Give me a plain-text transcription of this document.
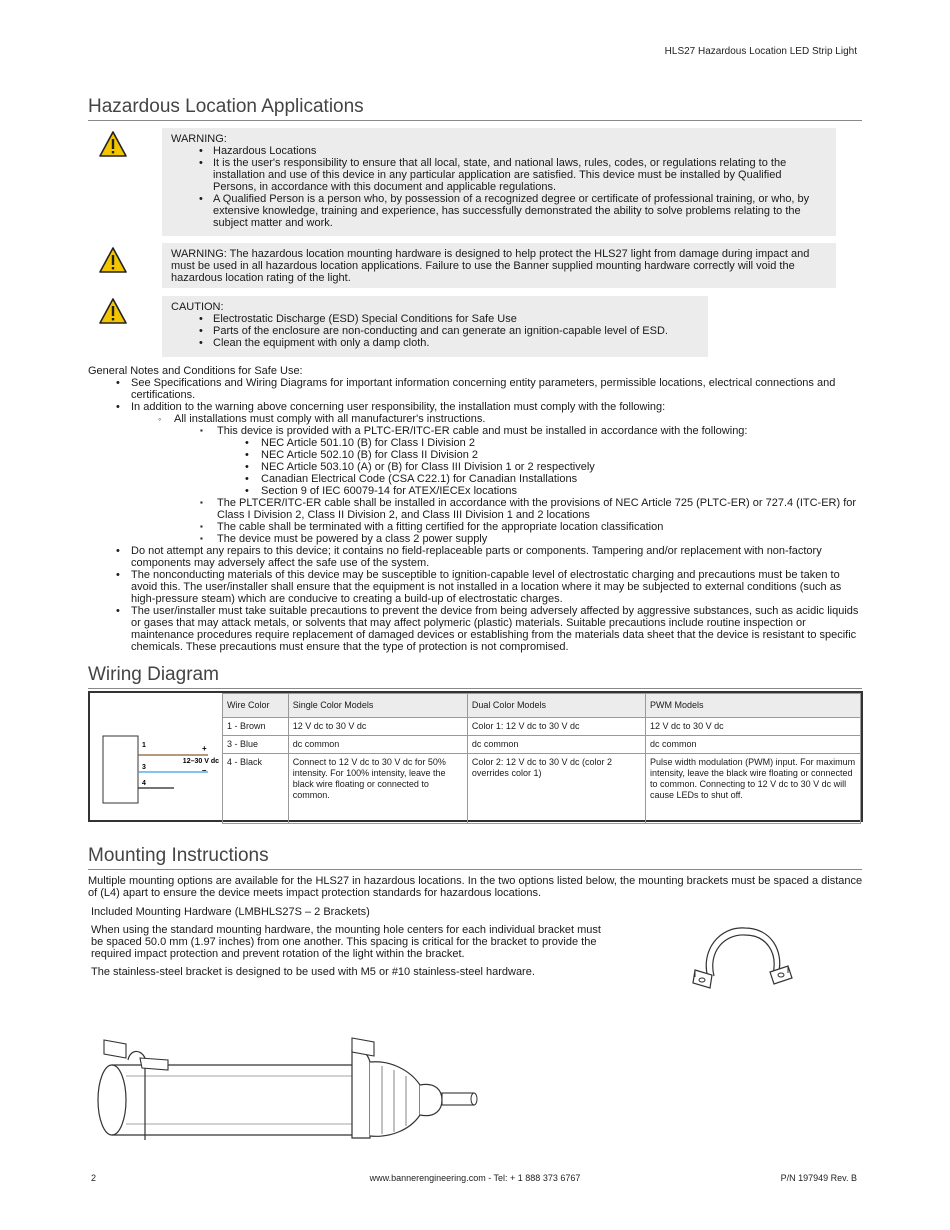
HLS27 Hazardous Location LED Strip Light
Hazardous Location Applications
WARNING:
• Hazardous Locations
• It is the user's responsibility to ensure that all local, state, and national laws, rules, codes, or regulations relating to the installation and use of this device in any particular application are satisfied. This device must be installed by Qualified Persons, in accordance with this document and applicable regulations.
• A Qualified Person is a person who, by possession of a recognized degree or certificate of professional training, or who, by extensive knowledge, training and experience, has successfully demonstrated the ability to solve problems relating to the subject matter and work.
WARNING: The hazardous location mounting hardware is designed to help protect the HLS27 light from damage during impact and must be used in all hazardous location applications. Failure to use the Banner supplied mounting hardware correctly will void the hazardous location rating of the light.
CAUTION:
• Electrostatic Discharge (ESD) Special Conditions for Safe Use
• Parts of the enclosure are non-conducting and can generate an ignition-capable level of ESD.
• Clean the equipment with only a damp cloth.
General Notes and Conditions for Safe Use:
• See Specifications and Wiring Diagrams for important information concerning entity parameters, permissible locations, electrical connections and certifications.
• In addition to the warning above concerning user responsibility, the installation must comply with the following:
◦ All installations must comply with all manufacturer's instructions.
▪ This device is provided with a PLTC-ER/ITC-ER cable and must be installed in accordance with the following:
• NEC Article 501.10 (B) for Class I Division 2
• NEC Article 502.10 (B) for Class II Division 2
• NEC Article 503.10 (A) or (B) for Class III Division 1 or 2 respectively
• Canadian Electrical Code (CSA C22.1) for Canadian Installations
• Section 9 of IEC 60079-14 for ATEX/IECEx locations
▪ The PLTCER/ITC-ER cable shall be installed in accordance with the provisions of NEC Article 725 (PLTC-ER) or 727.4 (ITC-ER) for Class I Division 2, Class II Division 2, and Class III Division 1 and 2 locations
▪ The cable shall be terminated with a fitting certified for the appropriate location classification
▪ The device must be powered by a class 2 power supply
• Do not attempt any repairs to this device; it contains no field-replaceable parts or components. Tampering and/or replacement with non-factory components may adversely affect the safe use of the system.
• The nonconducting materials of this device may be susceptible to ignition-capable level of electrostatic charging and precautions must be taken to avoid this. The user/installer shall ensure that the equipment is not installed in a location where it may be subjected to external conditions (such as high-pressure steam) which are conducive to creating a build-up of electrostatic charges.
• The user/installer must take suitable precautions to prevent the device from being adversely affected by aggressive substances, such as acidic liquids or gases that may attack metals, or solvents that may affect polymeric (plastic) materials. Suitable precautions include routine inspection or maintenance procedures require replacement of damaged devices or establishing from the materials data sheet that the device is resistant to specific chemicals. These precautions must ensure that the type of protection is not compromised.
Wiring Diagram
1
3
4
+
–
12–30 V dc
Wire Color	Single Color Models	Dual Color Models	PWM Models
1 - Brown	12 V dc to 30 V dc	Color 1: 12 V dc to 30 V dc	12 V dc to 30 V dc
3 - Blue	dc common	dc common	dc common
4 - Black	Connect to 12 V dc to 30 V dc for 50% intensity. For 100% intensity, leave the black wire floating or connected to common.	Color 2: 12 V dc to 30 V dc (color 2 overrides color 1)	Pulse width modulation (PWM) input. For maximum intensity, leave the black wire floating or connected to common. Connecting to 12 V dc to 30 V dc will cause LEDs to shut off.
Mounting Instructions
Multiple mounting options are available for the HLS27 in hazardous locations. In the two options listed below, the mounting brackets must be spaced a distance of (L4) apart to ensure the device meets impact protection standards for hazardous locations.
Included Mounting Hardware (LMBHLS27S – 2 Brackets)
When using the standard mounting hardware, the mounting hole centers for each individual bracket must be spaced 50.0 mm (1.97 inches) from one another. This spacing is critical for the bracket to provide the required impact protection and prevent rotation of the light within the bracket.
The stainless-steel bracket is designed to be used with M5 or #10 stainless-steel hardware.
2	www.bannerengineering.com - Tel: + 1 888 373 6767	P/N 197949 Rev. B
